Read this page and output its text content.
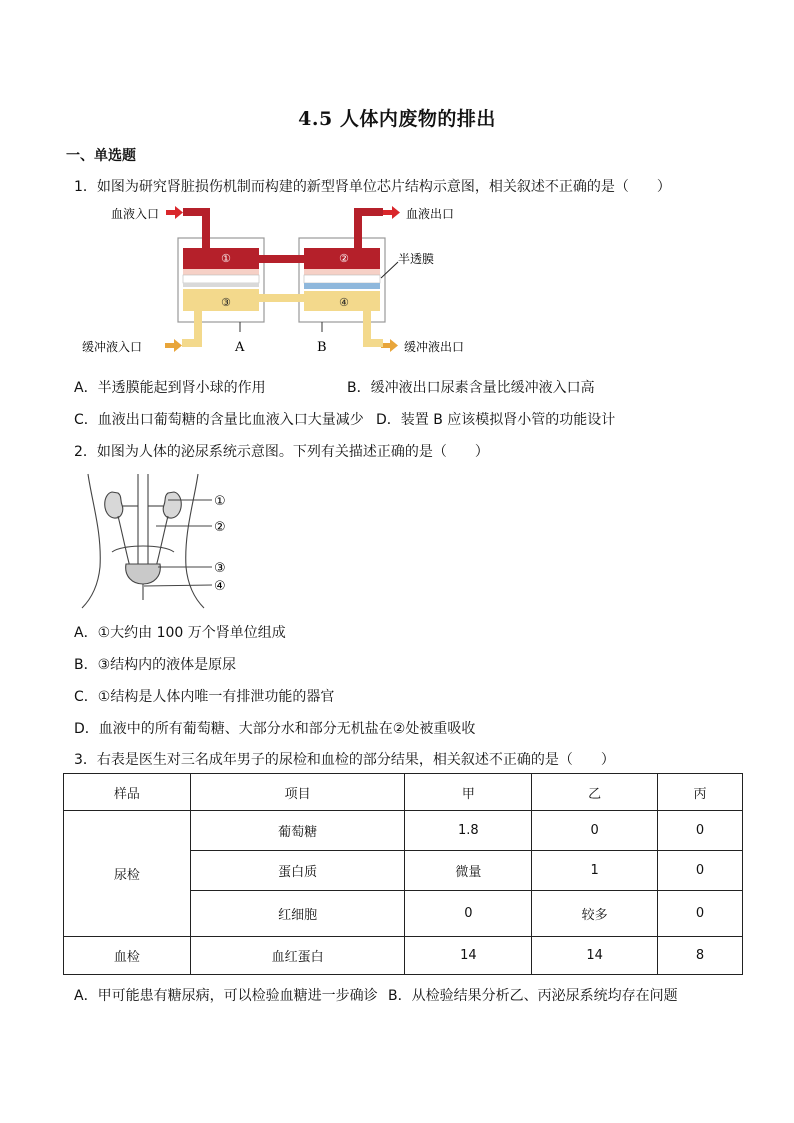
4.5 人体内废物的排出
一、单选题
1．如图为研究肾脏损伤机制而构建的新型肾单位芯片结构示意图，相关叙述不正确的是（　　）
血液入口	血液出口
半透膜
缓冲液入口	缓冲液出口
A	B
①	②
③	④
A．半透膜能起到肾小球的作用	B．缓冲液出口尿素含量比缓冲液入口高
C．血液出口葡萄糖的含量比血液入口大量减少 D．装置 B 应该模拟肾小管的功能设计
2．如图为人体的泌尿系统示意图。下列有关描述正确的是（　　）
①
②
③
④
A．①大约由 100 万个肾单位组成
B．③结构内的液体是原尿
C．①结构是人体内唯一有排泄功能的器官
D．血液中的所有葡萄糖、大部分水和部分无机盐在②处被重吸收
3．右表是医生对三名成年男子的尿检和血检的部分结果，相关叙述不正确的是（　　）
样品	项目	甲	乙	丙
尿检	葡萄糖	1.8	0	0
	蛋白质	微量	1	0
	红细胞	0	较多	0
血检	血红蛋白	14	14	8
A．甲可能患有糖尿病，可以检验血糖进一步确诊 B．从检验结果分析乙、丙泌尿系统均存在问题
